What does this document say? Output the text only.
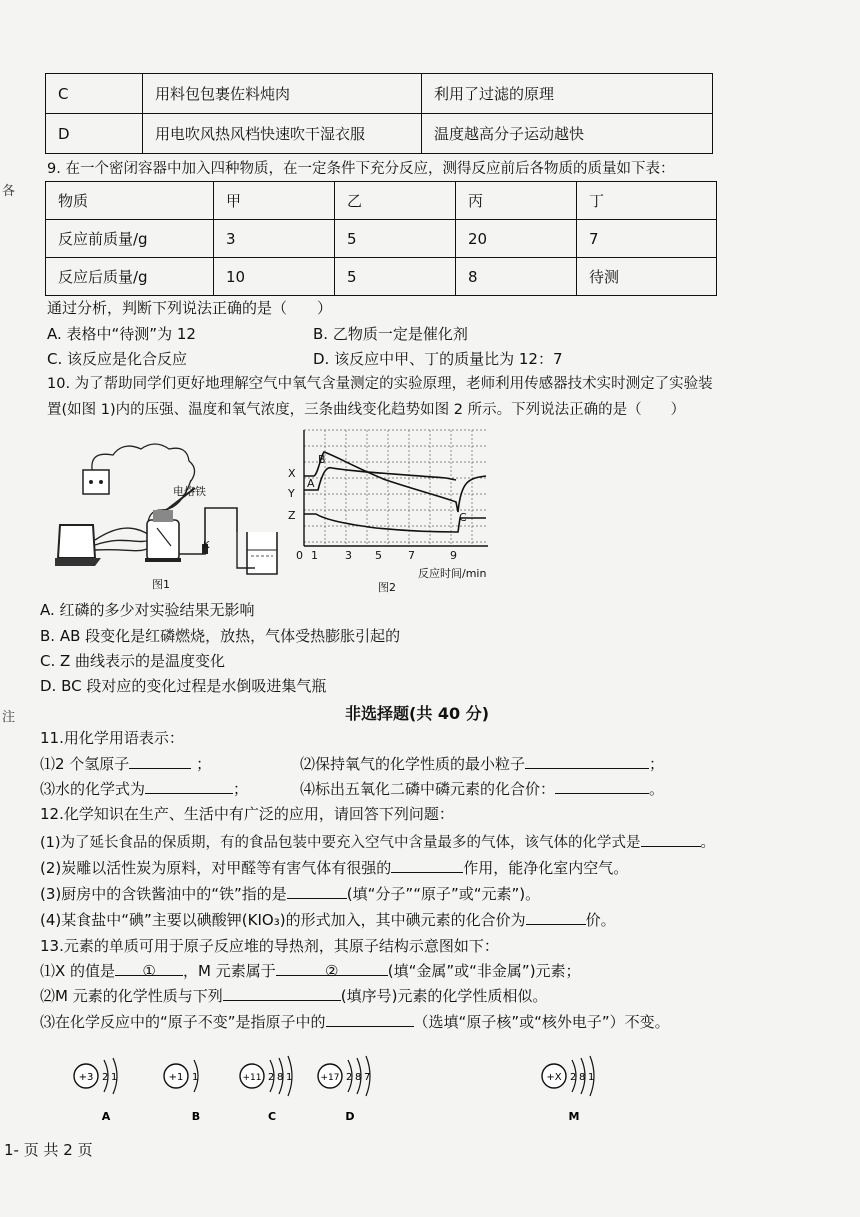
各
注
C	用料包包裹佐料炖肉	利用了过滤的原理
D	用电吹风热风档快速吹干湿衣服	温度越高分子运动越快
9. 在一个密闭容器中加入四种物质，在一定条件下充分反应，测得反应前后各物质的质量如下表：
物质	甲	乙	丙	丁
反应前质量/g	3	5	20	7
反应后质量/g	10	5	8	待测
通过分析，判断下列说法正确的是（　　）
A. 表格中“待测”为 12	B. 乙物质一定是催化剂
C. 该反应是化合反应	D. 该反应中甲、丁的质量比为 12：7
10. 为了帮助同学们更好地理解空气中氧气含量测定的实验原理，老师利用传感器技术实时测定了实验装
置(如图 1)内的压强、温度和氧气浓度，三条曲线变化趋势如图 2 所示。下列说法正确的是（　　）
电烙铁
K
图1
X
Y
Z
A
B
C
0 1 3 5 7	9
反应时间/min
图2
A. 红磷的多少对实验结果无影响
B. AB 段变化是红磷燃烧，放热，气体受热膨胀引起的
C. Z 曲线表示的是温度变化
D. BC 段对应的变化过程是水倒吸进集气瓶
非选择题(共 40 分)
11.用化学用语表示：
⑴2 个氢原子	；	⑵保持氧气的化学性质的最小粒子	；
⑶水的化学式为	；	⑷标出五氧化二磷中磷元素的化合价：	。
12.化学知识在生产、生活中有广泛的应用，请回答下列问题：
(1)为了延长食品的保质期，有的食品包装中要充入空气中含量最多的气体，该气体的化学式是	。
(2)炭雕以活性炭为原料，对甲醛等有害气体有很强的	作用，能净化室内空气。
(3)厨房中的含铁酱油中的“铁”指的是	(填“分子”“原子”或“元素”)。
(4)某食盐中“碘”主要以碘酸钾(KIO₃)的形式加入，其中碘元素的化合价为	价。
13.元素的单质可用于原子反应堆的导热剂，其原子结构示意图如下：
⑴X 的值是 ① ，M 元素属于	②	(填“金属”或“非金属”)元素；
⑵M 元素的化学性质与下列	(填序号)元素的化学性质相似。
⑶在化学反应中的“原子不变”是指原子中的	（选填“原子核”或“核外电子”）不变。
+3 2 1
A
+1 1
B
+11 2 8 1
C
+17 2 8 7
D
+X 2 8 1
M
1- 页 共 2 页
